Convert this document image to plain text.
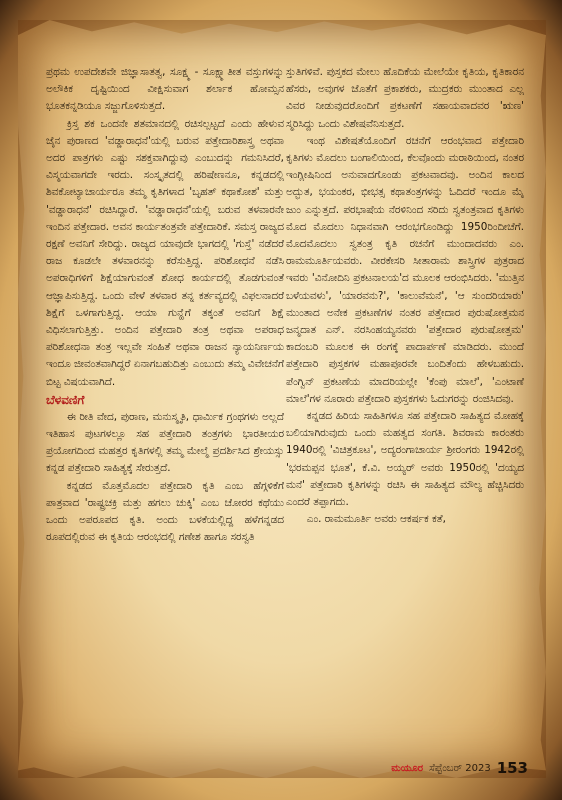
ಪ್ರಥಮ ಉಪದೇಶವೇ ಜಿಜ್ಞಾಸಾತತ್ವ, ಸೂಕ್ಷ್ಮ - ಸೂಕ್ಷ್ಮಾತೀತ ವಸ್ತುಗಳನ್ನು ಅಲೌಕಿಕ ದೃಷ್ಟಿಯಿಂದ ವೀಕ್ಷಿಸುವಾಗ ಶರ್ಲಾಕ ಹೋಮ್ಸನ ಭೂತಕನ್ನಡಿಯೂ ಸಜ್ಜುಗೊಳಿಸುತ್ತದೆ.

ಕ್ರಿಸ್ತ ಶಕ ಒಂದನೇ ಶತಮಾನದಲ್ಲಿ ರಚಿಸಲ್ಪಟ್ಟದೆ ಎಂದು ಹೇಳುವ ಜೈನ ಪುರಾಣದ 'ವಡ್ಡಾರಾಧನೆ'ಯಲ್ಲಿ ಬರುವ ಪತ್ತೇದಾರಿಶಾಸ್ತ್ರ ಅಥವಾ ಅದರ ಪಾತ್ರಗಳು ಎಷ್ಟು ಸಶಕ್ತವಾಗಿದ್ದುವು ಎಂಬುದನ್ನು ಗಮನಿಸಿದರೆ, ವಿಸ್ಮಯವಾಗದೇ ಇರದು. ಸಂಸ್ಕೃತದಲ್ಲಿ ಹರಿಷೇಣನೂ, ಕನ್ನಡದಲ್ಲಿ ಶಿವಕೋಟ್ಯಾಚಾರ್ಯರೂ ತಮ್ಮ ಕೃತಿಗಳಾದ 'ಬೃಹತ್ ಕಥಾಕೋಶ' ಮತ್ತು 'ವಡ್ಡಾರಾಧನೆ' ರಚಿಸಿದ್ದಾರೆ. 'ವಡ್ಡಾರಾಧನೆ'ಯಲ್ಲಿ ಬರುವ ತಳವಾರನೇ ಇಂದಿನ ಪತ್ತೇದಾರ. ಅವನ ಕಾರ್ಯತಂತ್ರವೇ ಪತ್ತೇದಾರಿಕೆ. ಸಮಸ್ತ ರಾಜ್ಯದ ರಕ್ಷಣೆ ಅವನಿಗೆ ಸೇರಿದ್ದು. ರಾಜ್ಯದ ಯಾವುದೇ ಭಾಗದಲ್ಲಿ 'ಗುಸ್ತೆ' ನಡೆದರೆ ರಾಜ ಕೂಡಲೇ ತಳವಾರನನ್ನು ಕರೆಸುತ್ತಿದ್ದ. ಪರಿಶೋಧನೆ ನಡೆಸಿ ಅಪರಾಧಿಗಳಿಗೆ ಶಿಕ್ಷೆಯಾಗುವಂತೆ ಶೋಧ ಕಾರ್ಯದಲ್ಲಿ ತೊಡಗುವಂತೆ ಆಜ್ಞಾಪಿಸುತ್ತಿದ್ದ. ಒಂದು ವೇಳೆ ತಳವಾರ ತನ್ನ ಕರ್ತವ್ಯದಲ್ಲಿ ವಿಫಲನಾದರೆ ಶಿಕ್ಷೆಗೆ ಒಳಗಾಗುತ್ತಿದ್ದ. ಆಯಾ ಗುನ್ಹೆಗೆ ತಕ್ಕಂತೆ ಅವನಿಗೆ ಶಿಕ್ಷೆ ವಿಧಿಸಲಾಗುತ್ತಿತ್ತು. ಅಂದಿನ ಪತ್ತೇದಾರಿ ತಂತ್ರ ಅಥವಾ ಅಪರಾಧ ಪರಿಶೋಧನಾ ತಂತ್ರ ಇಲ್ಲವೇ ಸಂಹಿತೆ ಅಥವಾ ರಾಜನ ನ್ಯಾಯನಿರ್ಣಯ ಇಂದೂ ಜೀವಂತವಾಗಿದ್ದರೆ ಏನಾಗಬಹುದಿತ್ತು ಎಂಬುದು ತಮ್ಮ ವಿವೇಚನೆಗೆ ಬಿಟ್ಟ ವಿಷಯವಾಗಿದೆ.

ಬೆಳವಣಿಗೆ

ಈ ರೀತಿ ವೇದ, ಪುರಾಣ, ಮನುಸ್ಮೃತಿ, ಧಾರ್ಮಿಕ ಗ್ರಂಥಗಳು ಅಲ್ಲದೆ ಇತಿಹಾಸ ಪುಟಗಳಲ್ಲೂ ಸಹ ಪತ್ತೇದಾರಿ ತಂತ್ರಗಳು ಭಾರತೀಯರ ಪ್ರಯೋಗದಿಂದ ಮಹತ್ತರ ಕೃತಿಗಳಲ್ಲಿ ತಮ್ಮ ಮೇಲ್ಮೆ ಪ್ರದರ್ಶಿಸಿದ ಶ್ರೇಯಸ್ಸು ಕನ್ನಡ ಪತ್ತೇದಾರಿ ಸಾಹಿತ್ಯಕ್ಕೆ ಸೇರುತ್ತದೆ.

ಕನ್ನಡದ ಮೊತ್ತಮೊದಲ ಪತ್ತೇದಾರಿ ಕೃತಿ ಎಂಬ ಹೆಗ್ಗಳಿಕೆಗೆ ಪಾತ್ರವಾದ 'ರಾಷ್ಟ್ರಚಕ್ರಿ ಮತ್ತು ಹಗಲು ಚುಕ್ಕಿ' ಎಂಬ ಚೋರರ ಕಥೆಯು ಒಂದು ಅಪರೂಪದ ಕೃತಿ. ಅಂದು ಬಳಕೆಯಲ್ಲಿದ್ದ ಹಳೆಗನ್ನಡದ ರೂಪದಲ್ಲಿರುವ ಈ ಕೃತಿಯ ಆರಂಭದಲ್ಲಿ ಗಣೇಶ ಹಾಗೂ ಸರಸ್ವತಿ

ಸ್ತುತಿಗಳಿವೆ. ಪುಸ್ತಕದ ಮೇಲು ಹೊದಿಕೆಯ ಮೇಲೆಯೇ ಕೃತಿಯ, ಕೃತಿಕಾರನ ಹೆಸರು, ಅವುಗಳ ಜೊತೆಗೆ ಪ್ರಕಾಶಕರು, ಮುದ್ರಕರು ಮುಂತಾದ ಎಲ್ಲ ವಿವರ ನೀಡುವುದರೊಂದಿಗೆ ಪ್ರಕಟಣೆಗೆ ಸಹಾಯವಾದವರ 'ಋಣ' ಸ್ಮರಿಸಿದ್ದು ಒಂದು ವಿಶೇಷವೆನಿಸುತ್ತದೆ.

ಇಂಥ ವಿಶೇಷತೆಯೊಂದಿಗೆ ರಚನೆಗೆ ಆರಂಭವಾದ ಪತ್ತೇದಾರಿ ಕೃತಿಗಳು ಮೊದಲು ಬಂಗಾಲಿಯಿಂದ, ಕೆಲವೊಂದು ಮರಾಠಿಯಿಂದ, ನಂತರ ಇಂಗ್ಲೀಷಿನಿಂದ ಅನುವಾದಗೊಂಡು ಪ್ರಕಟವಾದವು. ಅಂದಿನ ಕಾಲದ ಅದ್ಭುತ, ಭಯಂಕರ, ಭೀಭತ್ಸ ಕಥಾತಂತ್ರಗಳನ್ನು ಓದಿದರೆ ಇಂದೂ ಮೈ ಜುಂ ಎನ್ನುತ್ತದೆ. ಪರಭಾಷೆಯ ನೆರಳಿನಿಂದ ಸರಿದು ಸ್ವತಂತ್ರವಾದ ಕೃತಿಗಳು ಮೊದ ಮೊದಲು ನಿಧಾನವಾಗಿ ಆರಂಭಗೊಂಡಿದ್ದು 1950ರಿಂದೀಚೆಗೆ. ಮೊದಮೊದಲು ಸ್ವತಂತ್ರ ಕೃತಿ ರಚನೆಗೆ ಮುಂದಾದವರು ಎಂ. ರಾಮಮೂರ್ತಿಯವರು. ವೀರಕೇಸರಿ ಸೀತಾರಾಮ ಶಾಸ್ತ್ರಿಗಳ ಪುತ್ರರಾದ ಇವರು 'ವಿನೋದಿನಿ ಪ್ರಕಟನಾಲಯ'ದ ಮೂಲಕ ಆರಂಭಿಸಿದರು. 'ಮುತ್ತಿನ ಬಳೆಯವಳು', 'ಯಾರವನು?', 'ಕಾಲುವೆಮನೆ', 'ಆ ಸುಂದರಿಯಾರು' ಮುಂತಾದ ಅನೇಕ ಪ್ರಕಟಣೆಗಳ ನಂತರ ಪತ್ತೇದಾರ ಪುರುಷೋತ್ತಮನ ಜನ್ಮದಾತ ಎನ್. ನರಸಿಂಹಯ್ಯನವರು 'ಪತ್ತೇದಾರ ಪುರುಷೋತ್ತಮ' ಕಾದಂಬರಿ ಮೂಲಕ ಈ ರಂಗಕ್ಕೆ ಪಾದಾರ್ಪಣೆ ಮಾಡಿದರು. ಮುಂದೆ ಪತ್ತೇದಾರಿ ಪುಸ್ತಕಗಳ ಮಹಾಪೂರವೇ ಬಂದಿತೆಂದು ಹೇಳಬಹುದು. ಪೆಂಗ್ವಿನ್ ಪ್ರಕಟಣೆಯ ಮಾದರಿಯಲ್ಲೇ 'ಕೆಂಪು ಮಾಲೆ', 'ಎಂಟಾಣೆ ಮಾಲೆ'ಗಳ ನೂರಾರು ಪತ್ತೇದಾರಿ ಪುಸ್ತಕಗಳು ಓದುಗರನ್ನು ರಂಜಿಸಿದವು.

ಕನ್ನಡದ ಹಿರಿಯ ಸಾಹಿತಿಗಳೂ ಸಹ ಪತ್ತೇದಾರಿ ಸಾಹಿತ್ಯದ ಮೋಹಕ್ಕೆ ಬಲಿಯಾಗಿರುವುದು ಒಂದು ಮಹತ್ವದ ಸಂಗತಿ. ಶಿವರಾಮ ಕಾರಂತರು 1940ರಲ್ಲಿ 'ವಿಚಿತ್ರಕೂಟ', ಅದ್ಯರಂಗಾಚಾರ್ಯ ಶ್ರೀರಂಗರು 1942ರಲ್ಲಿ 'ಭರಮಪ್ಪನ ಭೂತ', ಕೆ.ವಿ. ಅಯ್ಯರ್ ಅವರು 1950ರಲ್ಲಿ 'ದಯ್ಯದ ಮನೆ' ಪತ್ತೇದಾರಿ ಕೃತಿಗಳನ್ನು ರಚಿಸಿ ಈ ಸಾಹಿತ್ಯದ ಮೌಲ್ಯ ಹೆಚ್ಚಿಸಿದರು ಎಂದರೆ ತಪ್ಪಾಗದು.

ಎಂ. ರಾಮಮೂರ್ತಿ ಅವರು ಆಕರ್ಷಕ ಕತೆ,

ಮಯೂರ ಸೆಪ್ಟೆಂಬರ್ 2023 153
